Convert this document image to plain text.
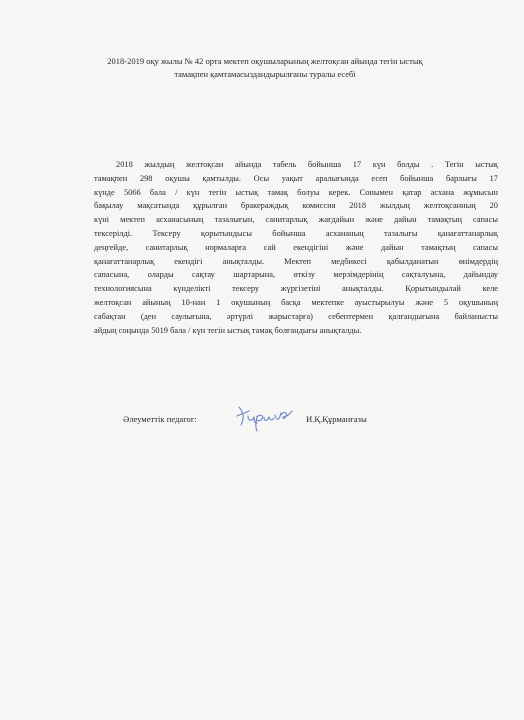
2018-2019 оқу жылы № 42 орта мектеп оқушыларының желтоқсан айында тегін ыстық
тамақпен қамтамасыздандырылғаны туралы есебі
2018 жылдың желтоқсан айында табель бойынша 17 күн болды . Тегін ыстық
тамақпен 298 оқушы қамтылды. Осы уақыт аралығында есеп бойынша барлығы 17
күнде 5066 бала / күн тегін ыстық тамақ болуы керек. Сонымен қатар асхана жұмысын
бақылау мақсатында құрылған бракераждық комиссия 2018 жылдың желтоқсанның 20
күні мектеп асханасының тазалығын, санитарлық жағдайын және дайын тамақтың сапасы
тексерілді. Тексеру қорытындысы бойынша асхананың тазалығы қанағаттанарлық
деңгейде, санитарлық нормаларға сай екендігіні және дайын тамақтың сапасы
қанағаттанарлық екендігі анықталды. Мектеп медбикесі қабылданатын өнімдердің
сапасына, оларды сақтау шартарына, өткізу мерзімдерінің сақталуына, дайындау
технологиясына күнделікті тексеру жүргізетіні анықталды. Қорытындылай келе
желтоқсан айының 10-нан 1 оқушының басқа мектепке ауыстырылуы және 5 оқушының
сабақтан (ден саулығына, әртүрлі жарыстарға) себептермен қалғандығына байланысты
айдың соңында 5019 бала / күн тегін ыстық тамақ болғандығы анықталды.
Әлеуметтік педагог:	И.Қ.Құрманғазы
